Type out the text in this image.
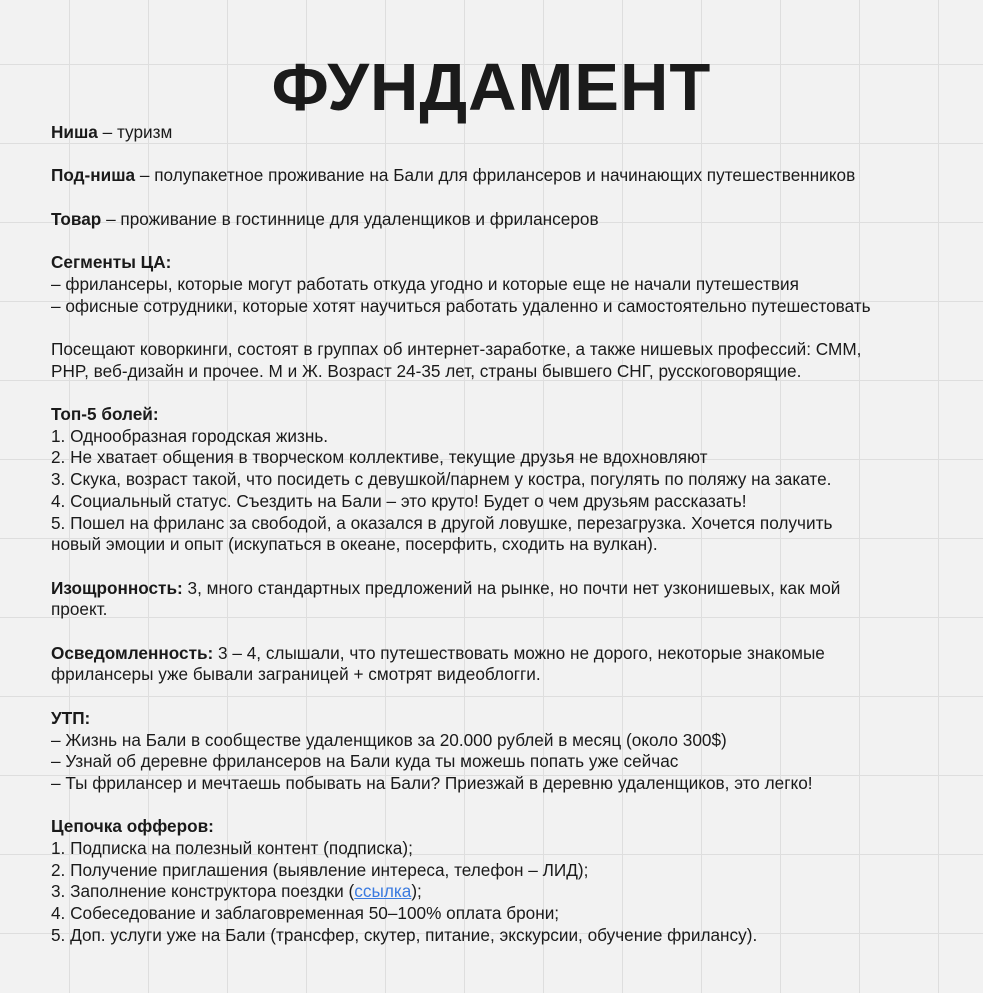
ФУНДАМЕНТ
Ниша – туризм
Под-ниша – полупакетное проживание на Бали для фрилансеров и начинающих путешественников
Товар – проживание в гостиннице для удаленщиков и фрилансеров
Сегменты ЦА:
– фрилансеры, которые могут работать откуда угодно и которые еще не начали путешествия
– офисные сотрудники, которые хотят научиться работать удаленно и самостоятельно путешестовать
Посещают коворкинги, состоят в группах об интернет-заработке, а также нишевых профессий: СММ,
PHP, веб-дизайн и прочее. М и Ж. Возраст 24-35 лет, страны бывшего СНГ, русскоговорящие.
Топ-5 болей:
1. Однообразная городская жизнь.
2. Не хватает общения в творческом коллективе, текущие друзья не вдохновляют
3. Скука, возраст такой, что посидеть с девушкой/парнем у костра, погулять по поляжу на закате.
4. Социальный статус. Съездить на Бали – это круто! Будет о чем друзьям рассказать!
5. Пошел на фриланс за свободой, а оказался в другой ловушке, перезагрузка. Хочется получить
новый эмоции и опыт (искупаться в океане, посерфить, сходить на вулкан).
Изощронность: 3, много стандартных предложений на рынке, но почти нет узконишевых, как мой
проект.
Осведомленность: 3 – 4, слышали, что путешествовать можно не дорого, некоторые знакомые
фрилансеры уже бывали заграницей + смотрят видеоблогги.
УТП:
– Жизнь на Бали в сообществе удаленщиков за 20.000 рублей в месяц (около 300$)
– Узнай об деревне фрилансеров на Бали куда ты можешь попать уже сейчас
– Ты фрилансер и мечтаешь побывать на Бали? Приезжай в деревню удаленщиков, это легко!
Цепочка офферов:
1. Подписка на полезный контент (подписка);
2. Получение приглашения (выявление интереса, телефон – ЛИД);
3. Заполнение конструктора поездки (ссылка);
4. Собеседование и заблаговременная 50–100% оплата брони;
5. Доп. услуги уже на Бали (трансфер, скутер, питание, экскурсии, обучение фрилансу).
